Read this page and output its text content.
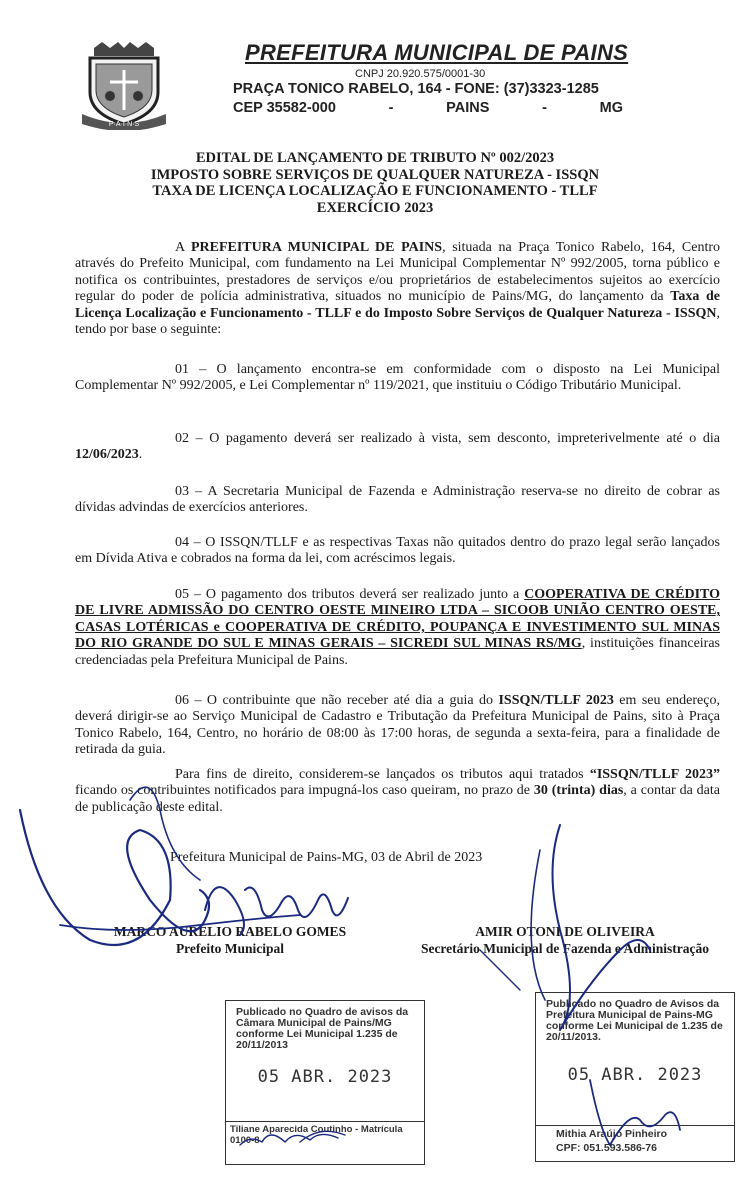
P·A·I·N·S
PREFEITURA MUNICIPAL DE PAINS
CNPJ 20.920.575/0001-30
PRAÇA TONICO RABELO, 164 - FONE: (37)3323-1285
CEP 35582-000	-	PAINS	-	MG
EDITAL DE LANÇAMENTO DE TRIBUTO Nº 002/2023
IMPOSTO SOBRE SERVIÇOS DE QUALQUER NATUREZA - ISSQN
TAXA DE LICENÇA LOCALIZAÇÃO E FUNCIONAMENTO - TLLF
EXERCÍCIO 2023
A PREFEITURA MUNICIPAL DE PAINS, situada na Praça Tonico Rabelo, 164, Centro através do Prefeito Municipal, com fundamento na Lei Municipal Complementar Nº 992/2005, torna público e notifica os contribuintes, prestadores de serviços e/ou proprietários de estabelecimentos sujeitos ao exercício regular do poder de polícia administrativa, situados no município de Pains/MG, do lançamento da Taxa de Licença Localização e Funcionamento - TLLF e do Imposto Sobre Serviços de Qualquer Natureza - ISSQN, tendo por base o seguinte:
01 – O lançamento encontra-se em conformidade com o disposto na Lei Municipal Complementar Nº 992/2005, e Lei Complementar nº 119/2021, que instituiu o Código Tributário Municipal.
02 – O pagamento deverá ser realizado à vista, sem desconto, impreterivelmente até o dia 12/06/2023.
03 – A Secretaria Municipal de Fazenda e Administração reserva-se no direito de cobrar as dívidas advindas de exercícios anteriores.
04 – O ISSQN/TLLF e as respectivas Taxas não quitados dentro do prazo legal serão lançados em Dívida Ativa e cobrados na forma da lei, com acréscimos legais.
05 – O pagamento dos tributos deverá ser realizado junto a COOPERATIVA DE CRÉDITO DE LIVRE ADMISSÃO DO CENTRO OESTE MINEIRO LTDA – SICOOB UNIÃO CENTRO OESTE, CASAS LOTÉRICAS e COOPERATIVA DE CRÉDITO, POUPANÇA E INVESTIMENTO SUL MINAS DO RIO GRANDE DO SUL E MINAS GERAIS – SICREDI SUL MINAS RS/MG, instituições financeiras credenciadas pela Prefeitura Municipal de Pains.
06 – O contribuinte que não receber até dia a guia do ISSQN/TLLF 2023 em seu endereço, deverá dirigir-se ao Serviço Municipal de Cadastro e Tributação da Prefeitura Municipal de Pains, sito à Praça Tonico Rabelo, 164, Centro, no horário de 08:00 às 17:00 horas, de segunda a sexta-feira, para a finalidade de retirada da guia.
Para fins de direito, considerem-se lançados os tributos aqui tratados “ISSQN/TLLF 2023” ficando os contribuintes notificados para impugná-los caso queiram, no prazo de 30 (trinta) dias, a contar da data de publicação deste edital.
Prefeitura Municipal de Pains-MG, 03 de Abril de 2023
MARCO AURÉLIO RABELO GOMES
Prefeito Municipal
AMIR OTONI DE OLIVEIRA
Secretário Municipal de Fazenda e Administração
Publicado no Quadro de avisos da Câmara Municipal de Pains/MG conforme Lei Municipal 1.235 de 20/11/2013
05 ABR. 2023
Tiliane Aparecida Coutinho - Matrícula 0100-8
Publicado no Quadro de Avisos da Prefeitura Municipal de Pains-MG conforme Lei Municipal de 1.235 de 20/11/2013.
05 ABR. 2023
Mithia Araújo Pinheiro
CPF: 051.593.586-76
